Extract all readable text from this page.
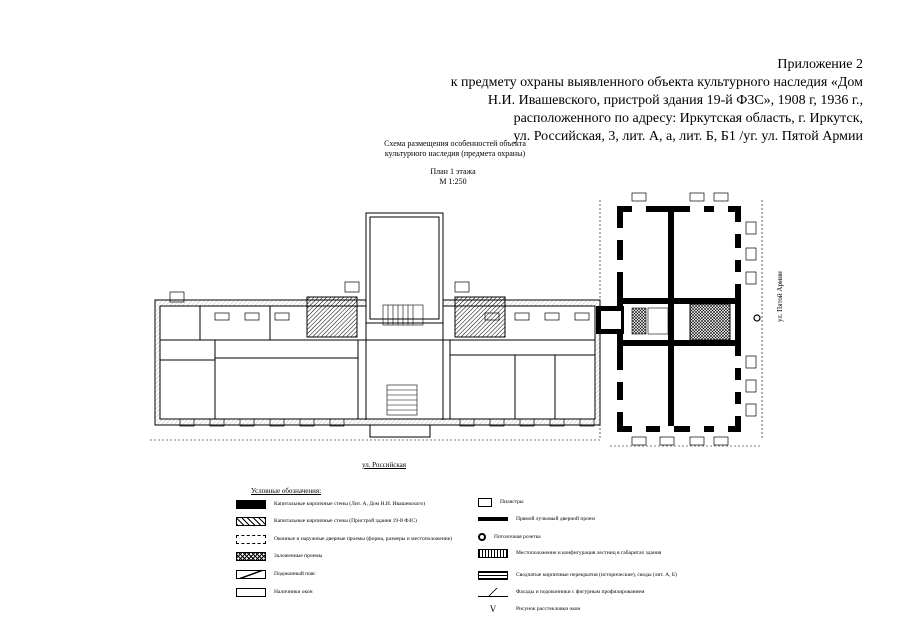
Приложение 2
к предмету охраны выявленного объекта культурного наследия «Дом
Н.И. Ивашевского, пристрой здания 19-й ФЗС», 1908 г, 1936 г.,
расположенного по адресу: Иркутская область, г. Иркутск,
ул. Российская, 3, лит. А, а, лит. Б, Б1 /уг. ул. Пятой Армии
Схема размещения особенностей объекта
культурного наследия (предмета охраны)
План 1 этажа
М 1:250
ул. Российская
ул. Пятой Армии
Условные обозначения:
Капитальные кирпичные стены (Лит. А, Дом Н.И. Ивашевского)
Капитальные кирпичные стены (Пристрой здания 19-й ФЗС)
Оконные и наружные дверные проемы (форма, размеры и местоположение)
Заложенные проемы
Подоконный пояс
Наличники окон
Пилястры
Прямой лучковый дверной проем
Потолочная розетка
Местоположение и конфигурация лестниц в габаритах здания
Сводчатые кирпичные перекрытия (исторические), своды (лит. А, Б)
Фасады и подоконники с фигурным профилированием
V	Рисунок расстекловки окон
